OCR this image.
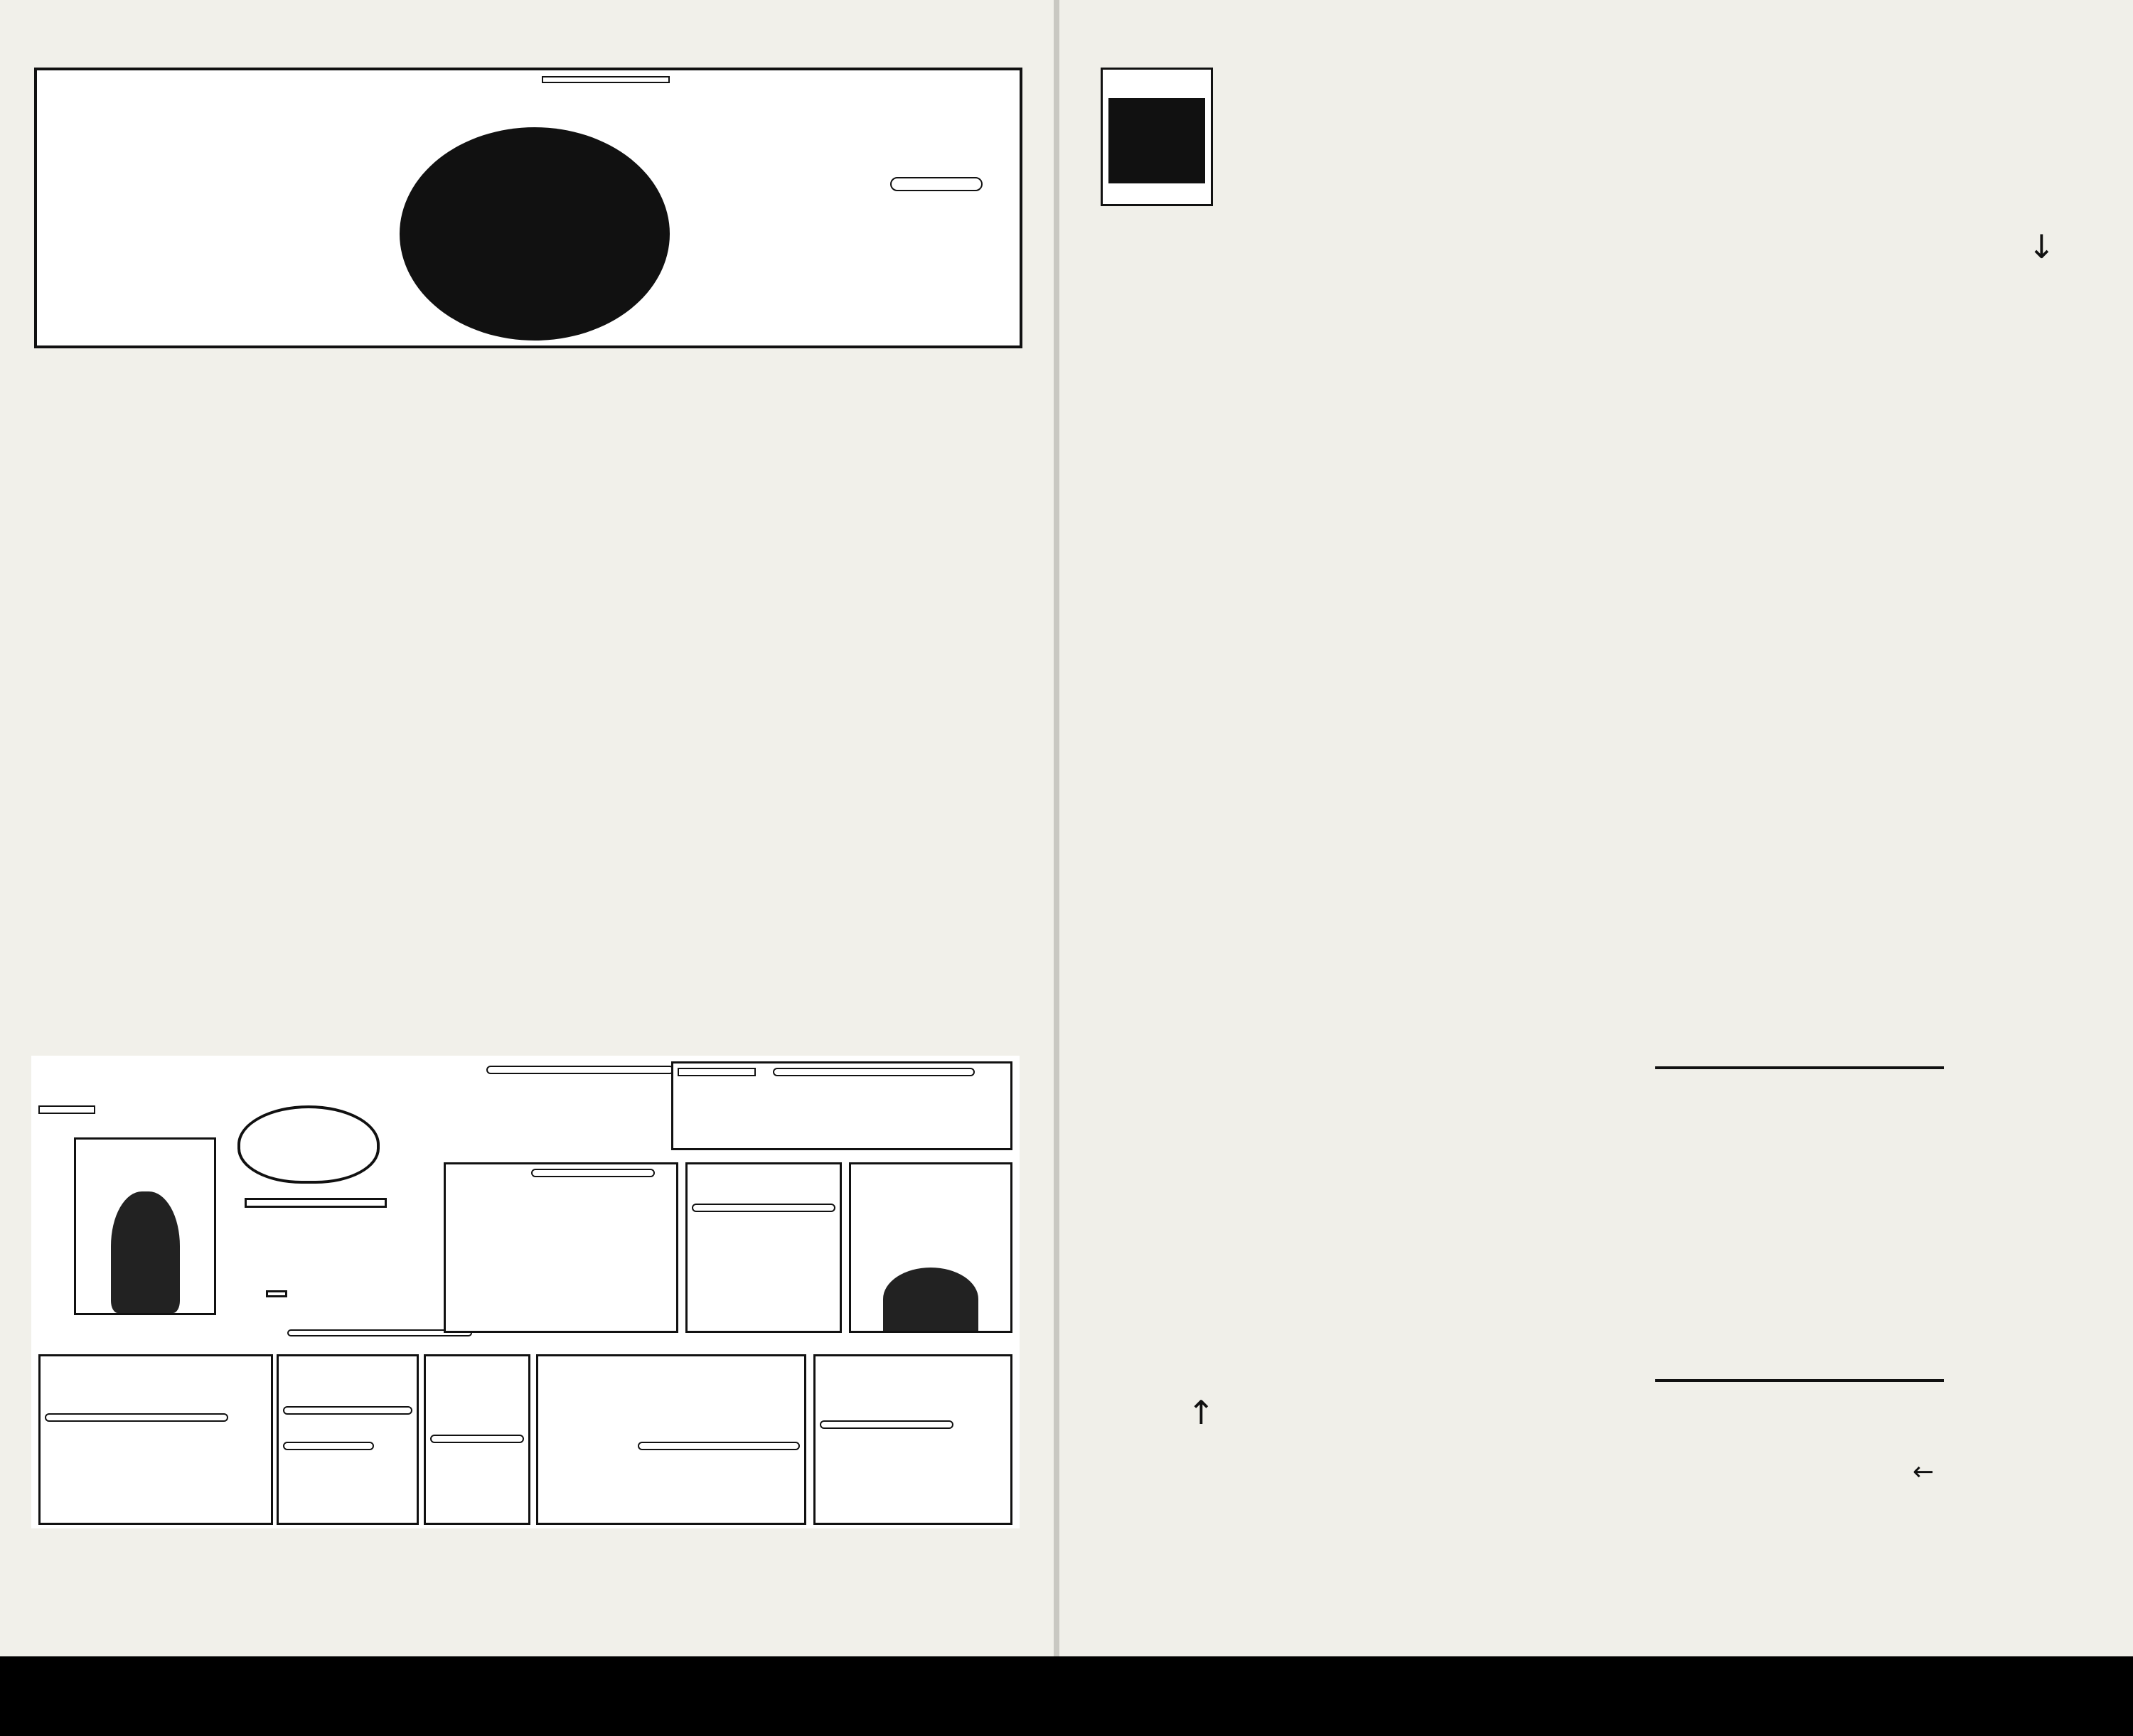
↓
↑
←
